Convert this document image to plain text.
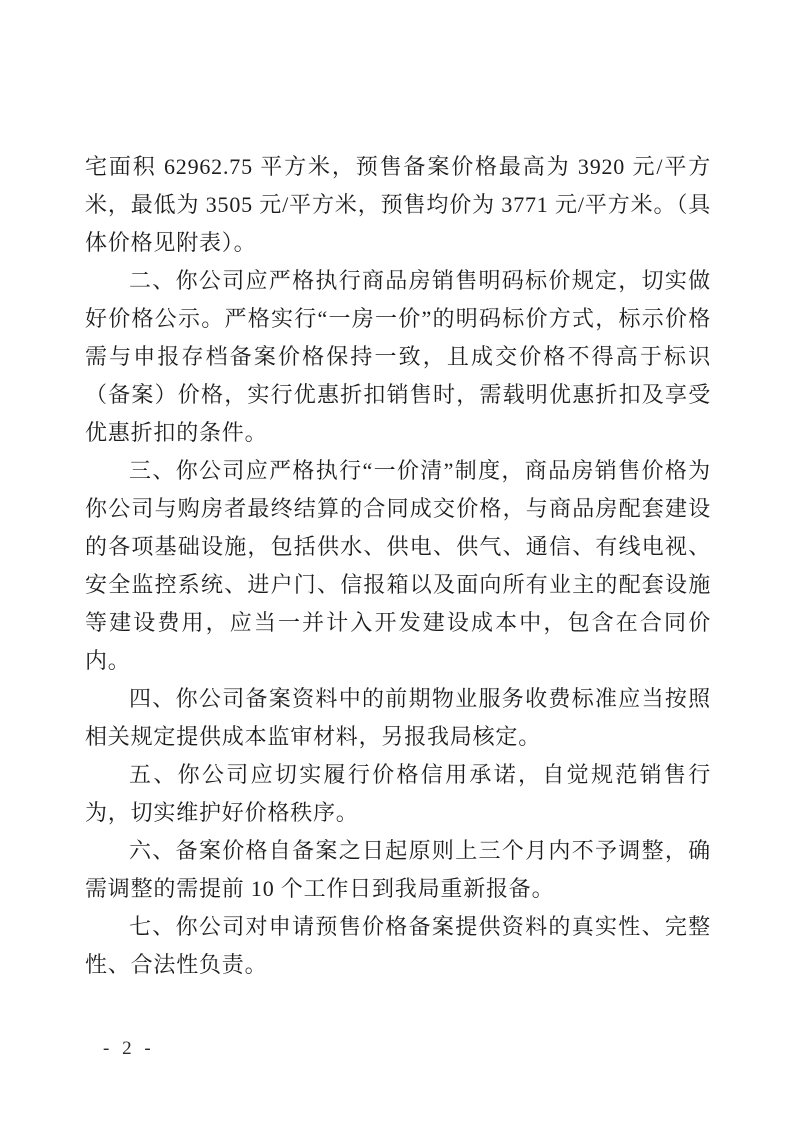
宅面积 62962.75 平方米，预售备案价格最高为 3920 元/平方米，最低为 3505 元/平方米，预售均价为 3771 元/平方米。（具体价格见附表）。

二、你公司应严格执行商品房销售明码标价规定，切实做好价格公示。严格实行“一房一价”的明码标价方式，标示价格需与申报存档备案价格保持一致，且成交价格不得高于标识（备案）价格，实行优惠折扣销售时，需载明优惠折扣及享受优惠折扣的条件。

三、你公司应严格执行“一价清”制度，商品房销售价格为你公司与购房者最终结算的合同成交价格，与商品房配套建设的各项基础设施，包括供水、供电、供气、通信、有线电视、安全监控系统、进户门、信报箱以及面向所有业主的配套设施等建设费用，应当一并计入开发建设成本中，包含在合同价内。

四、你公司备案资料中的前期物业服务收费标准应当按照相关规定提供成本监审材料，另报我局核定。

五、你公司应切实履行价格信用承诺，自觉规范销售行为，切实维护好价格秩序。

六、备案价格自备案之日起原则上三个月内不予调整，确需调整的需提前 10 个工作日到我局重新报备。

七、你公司对申请预售价格备案提供资料的真实性、完整性、合法性负责。

- 2 -
